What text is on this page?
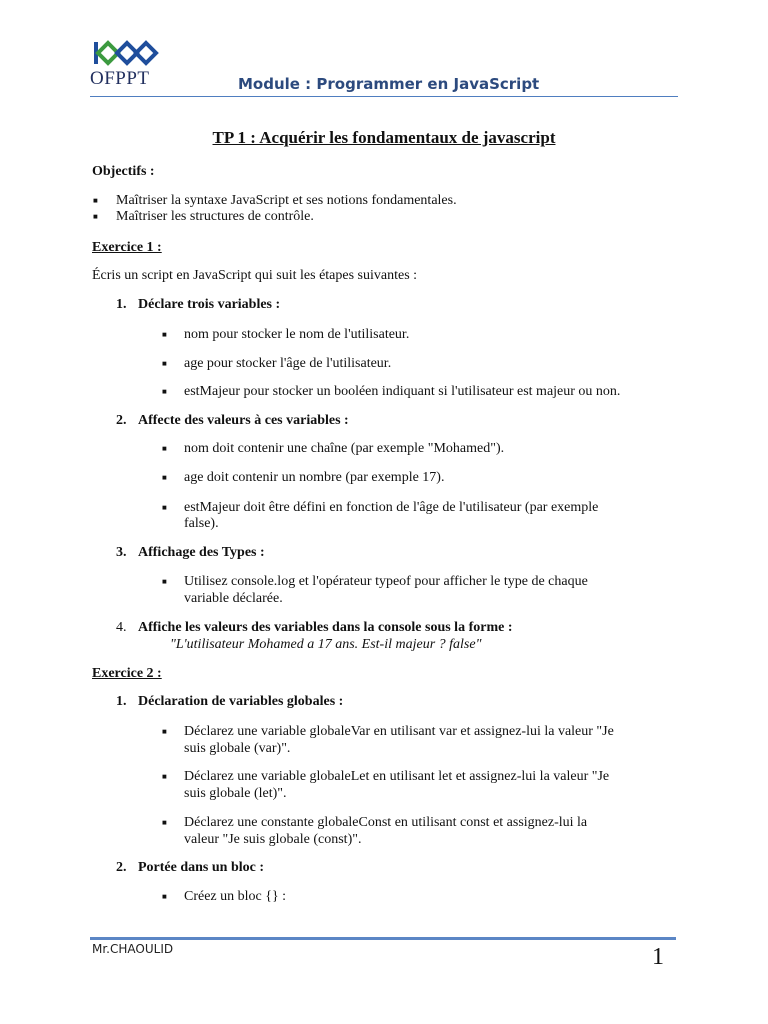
OFPPT	Module : Programmer en JavaScript
TP 1 : Acquérir les fondamentaux de javascript
Objectifs :
■ Maîtriser la syntaxe JavaScript et ses notions fondamentales.
■ Maîtriser les structures de contrôle.
Exercice 1 :
Écris un script en JavaScript qui suit les étapes suivantes :
1. Déclare trois variables :
■ nom pour stocker le nom de l'utilisateur.
■ age pour stocker l'âge de l'utilisateur.
■ estMajeur pour stocker un booléen indiquant si l'utilisateur est majeur ou non.
2. Affecte des valeurs à ces variables :
■ nom doit contenir une chaîne (par exemple "Mohamed").
■ age doit contenir un nombre (par exemple 17).
■ estMajeur doit être défini en fonction de l'âge de l'utilisateur (par exemple
false).
3. Affichage des Types :
■ Utilisez console.log et l'opérateur typeof pour afficher le type de chaque
variable déclarée.
4. Affiche les valeurs des variables dans la console sous la forme :
"L'utilisateur Mohamed a 17 ans. Est-il majeur ? false"
Exercice 2 :
1. Déclaration de variables globales :
■ Déclarez une variable globaleVar en utilisant var et assignez-lui la valeur "Je
suis globale (var)".
■ Déclarez une variable globaleLet en utilisant let et assignez-lui la valeur "Je
suis globale (let)".
■ Déclarez une constante globaleConst en utilisant const et assignez-lui la
valeur "Je suis globale (const)".
2. Portée dans un bloc :
■ Créez un bloc {} :
Mr.CHAOULID	1
